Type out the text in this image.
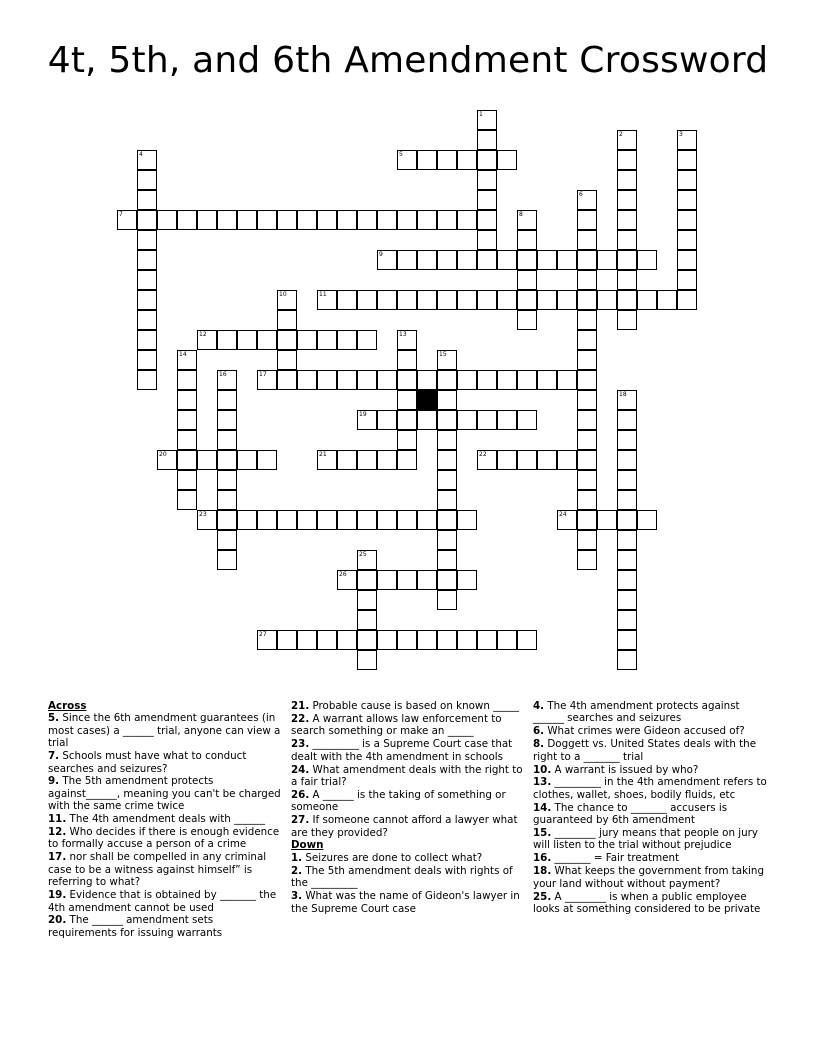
4t, 5th, and 6th Amendment Crossword
5
7
9
11
12
17
19
20	21	22
23	24
26
27
1
2	3
4
6
8
10
13
14	15
16
18
25
Across
5. Since the 6th amendment guarantees (in most cases) a ______ trial, anyone can view a trial
7. Schools must have what to conduct searches and seizures?
9. The 5th amendment protects against______, meaning you can't be charged with the same crime twice
11. The 4th amendment deals with ______
12. Who decides if there is enough evidence to formally accuse a person of a crime
17. nor shall be compelled in any criminal case to be a witness against himself” is referring to what?
19. Evidence that is obtained by _______ the 4th amendment cannot be used
20. The ______ amendment sets requirements for issuing warrants
21. Probable cause is based on known _____
22. A warrant allows law enforcement to search something or make an _____
23. _________ is a Supreme Court case that dealt with the 4th amendment in schools
24. What amendment deals with the right to a fair trial?
26. A ______ is the taking of something or someone
27. If someone cannot afford a lawyer what are they provided?
Down
1. Seizures are done to collect what?
2. The 5th amendment deals with rights of the _________
3. What was the name of Gideon's lawyer in the Supreme Court case
4. The 4th amendment protects against ______ searches and seizures
6. What crimes were Gideon accused of?
8. Doggett vs. United States deals with the right to a _______ trial
10. A warrant is issued by who?
13. _________ in the 4th amendment refers to clothes, wallet, shoes, bodily fluids, etc
14. The chance to _______ accusers is guaranteed by 6th amendment
15. ________ jury means that people on jury will listen to the trial without prejudice
16. _______ = Fair treatment
18. What keeps the government from taking your land without without payment?
25. A ________ is when a public employee looks at something considered to be private
